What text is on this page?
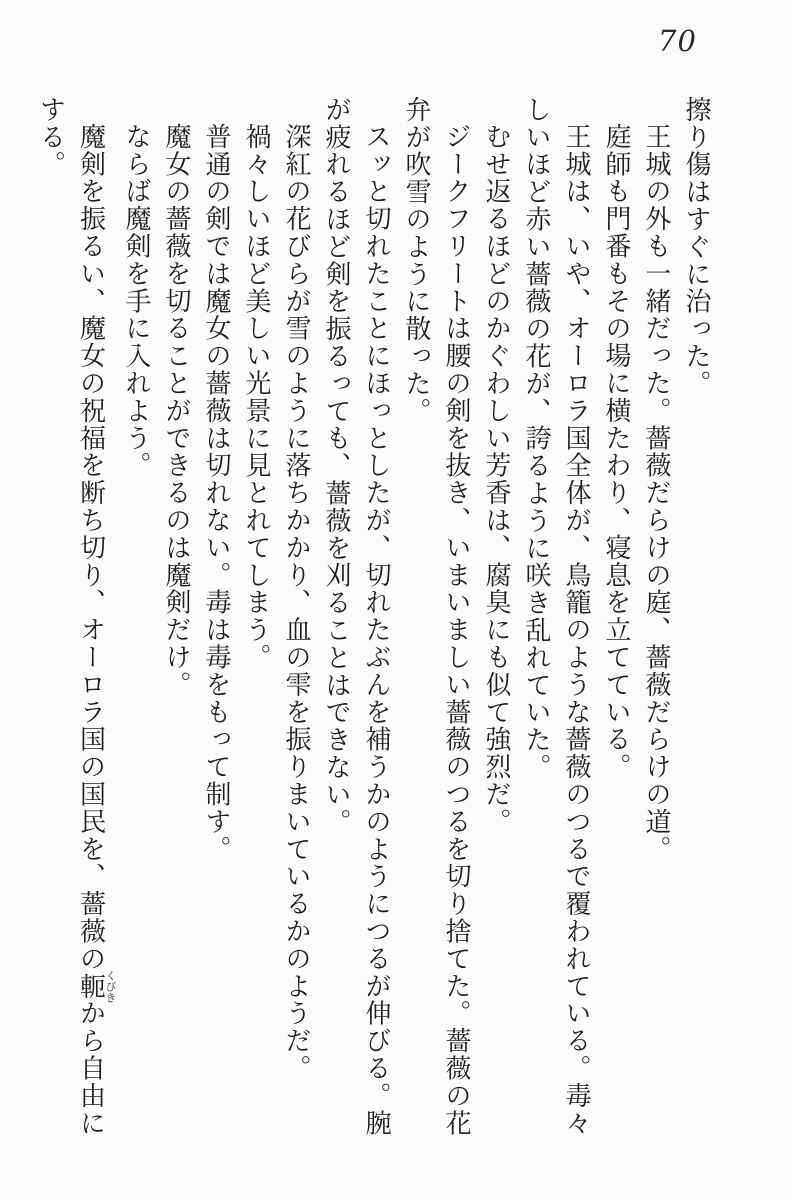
70

擦り傷はすぐに治った。

王城の外も一緒だった。薔薇だらけの庭、薔薇だらけの道。

庭師も門番もその場に横たわり、寝息を立てている。

王城は、いや、オーロラ国全体が、鳥籠のような薔薇のつるで覆われている。毒々しいほど赤い薔薇の花が、誇るように咲き乱れていた。

むせ返るほどのかぐわしい芳香は、腐臭にも似て強烈だ。

ジークフリートは腰の剣を抜き、いまいましい薔薇のつるを切り捨てた。薔薇の花弁が吹雪のように散った。

スッと切れたことにほっとしたが、切れたぶんを補うかのようにつるが伸びる。腕が疲れるほど剣を振るっても、薔薇を刈ることはできない。

深紅の花びらが雪のように落ちかかり、血の雫を振りまいているかのようだ。

禍々しいほど美しい光景に見とれてしまう。

普通の剣では魔女の薔薇は切れない。毒は毒をもって制す。

魔女の薔薇を切ることができるのは魔剣だけ。

ならば魔剣を手に入れよう。

魔剣を振るい、魔女の祝福を断ち切り、オーロラ国の国民を、薔薇の軛くびきから自由にする。
